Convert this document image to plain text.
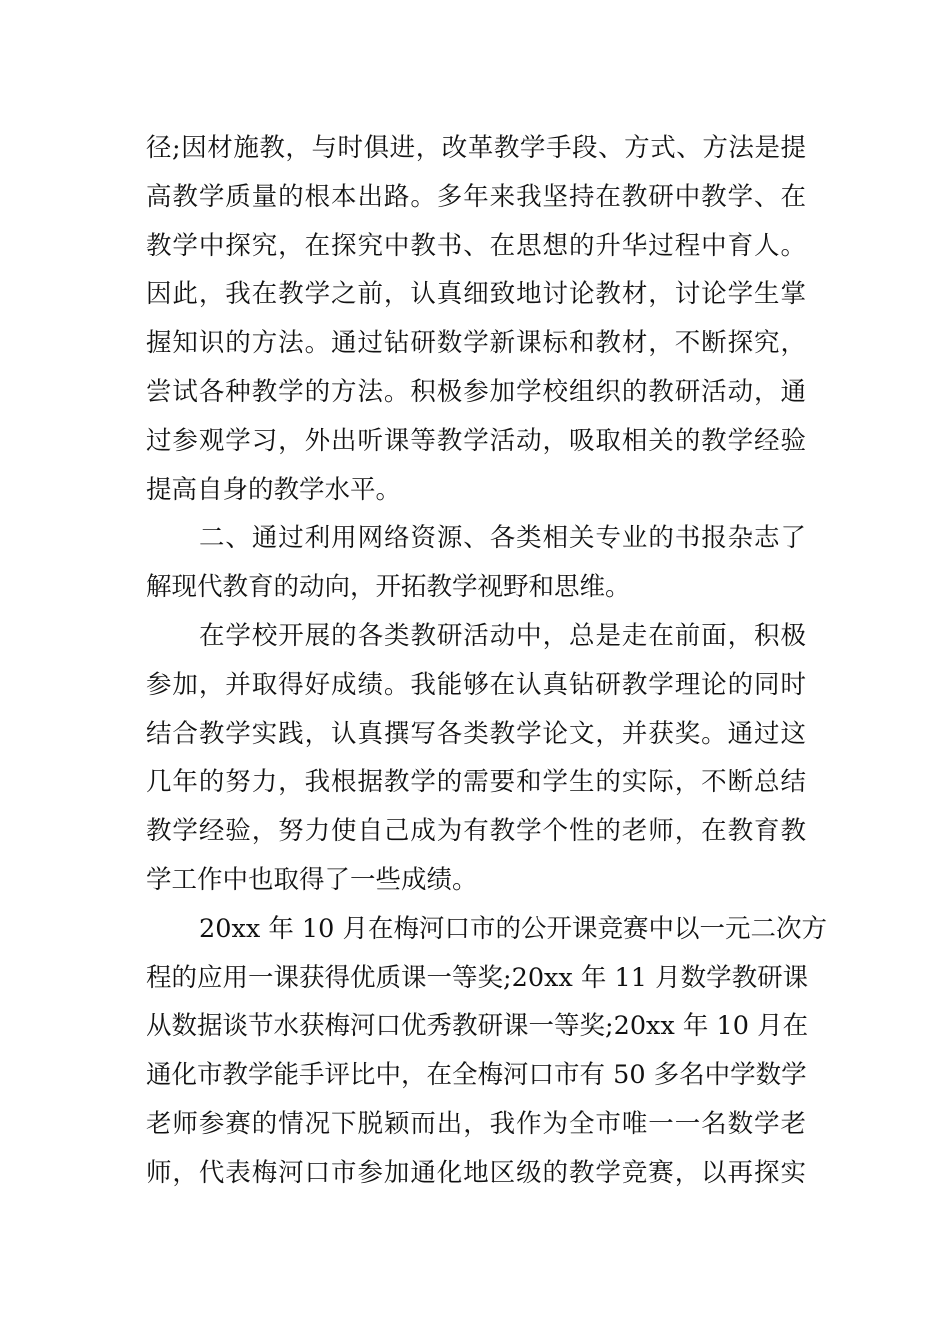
径;因材施教，与时俱进，改革教学手段、方式、方法是提
高教学质量的根本出路。多年来我坚持在教研中教学、在
教学中探究，在探究中教书、在思想的升华过程中育人。
因此，我在教学之前，认真细致地讨论教材，讨论学生掌
握知识的方法。通过钻研数学新课标和教材，不断探究，
尝试各种教学的方法。积极参加学校组织的教研活动，通
过参观学习，外出听课等教学活动，吸取相关的教学经验
提高自身的教学水平。
二、通过利用网络资源、各类相关专业的书报杂志了
解现代教育的动向，开拓教学视野和思维。
在学校开展的各类教研活动中，总是走在前面，积极
参加，并取得好成绩。我能够在认真钻研教学理论的同时
结合教学实践，认真撰写各类教学论文，并获奖。通过这
几年的努力，我根据教学的需要和学生的实际，不断总结
教学经验，努力使自己成为有教学个性的老师，在教育教
学工作中也取得了一些成绩。
20xx 年 10 月在梅河口市的公开课竞赛中以一元二次方
程的应用一课获得优质课一等奖;20xx 年 11 月数学教研课
从数据谈节水获梅河口优秀教研课一等奖;20xx 年 10 月在
通化市教学能手评比中，在全梅河口市有 50 多名中学数学
老师参赛的情况下脱颖而出，我作为全市唯一一名数学老
师，代表梅河口市参加通化地区级的教学竞赛，以再探实
